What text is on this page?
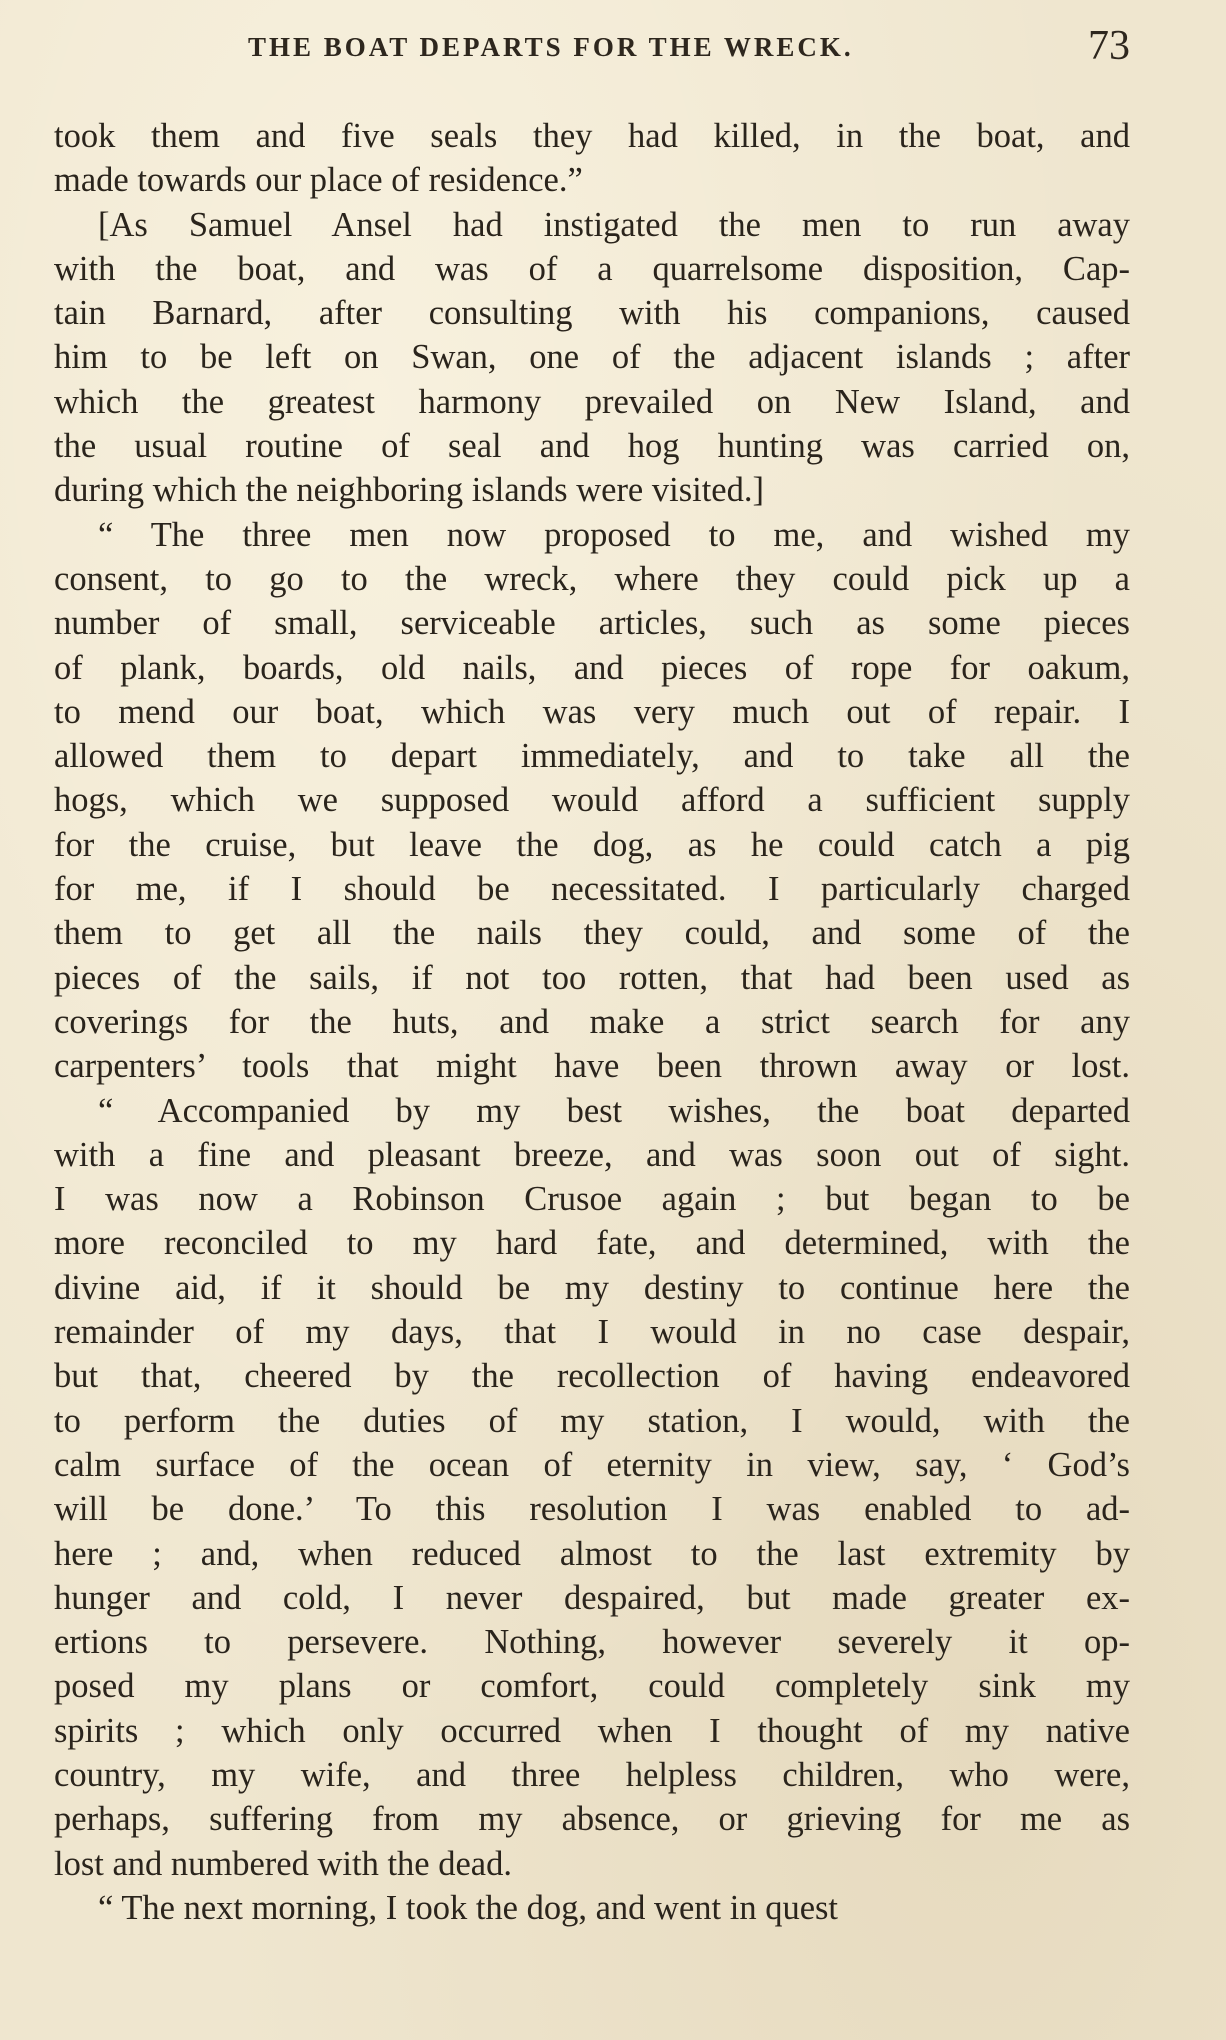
THE BOAT DEPARTS FOR THE WRECK.	73
took them and five seals they had killed, in the boat, and
made towards our place of residence.”
[As Samuel Ansel had instigated the men to run away
with the boat, and was of a quarrelsome disposition, Cap-
tain Barnard, after consulting with his companions, caused
him to be left on Swan, one of the adjacent islands ; after
which the greatest harmony prevailed on New Island, and
the usual routine of seal and hog hunting was carried on,
during which the neighboring islands were visited.]
“ The three men now proposed to me, and wished my
consent, to go to the wreck, where they could pick up a
number of small, serviceable articles, such as some pieces
of plank, boards, old nails, and pieces of rope for oakum,
to mend our boat, which was very much out of repair. I
allowed them to depart immediately, and to take all the
hogs, which we supposed would afford a sufficient supply
for the cruise, but leave the dog, as he could catch a pig
for me, if I should be necessitated. I particularly charged
them to get all the nails they could, and some of the
pieces of the sails, if not too rotten, that had been used as
coverings for the huts, and make a strict search for any
carpenters’ tools that might have been thrown away or lost.
“ Accompanied by my best wishes, the boat departed
with a fine and pleasant breeze, and was soon out of sight.
I was now a Robinson Crusoe again ; but began to be
more reconciled to my hard fate, and determined, with the
divine aid, if it should be my destiny to continue here the
remainder of my days, that I would in no case despair,
but that, cheered by the recollection of having endeavored
to perform the duties of my station, I would, with the
calm surface of the ocean of eternity in view, say, ‘ God’s
will be done.’ To this resolution I was enabled to ad-
here ; and, when reduced almost to the last extremity by
hunger and cold, I never despaired, but made greater ex-
ertions to persevere. Nothing, however severely it op-
posed my plans or comfort, could completely sink my
spirits ; which only occurred when I thought of my native
country, my wife, and three helpless children, who were,
perhaps, suffering from my absence, or grieving for me as
lost and numbered with the dead.
“ The next morning, I took the dog, and went in quest
